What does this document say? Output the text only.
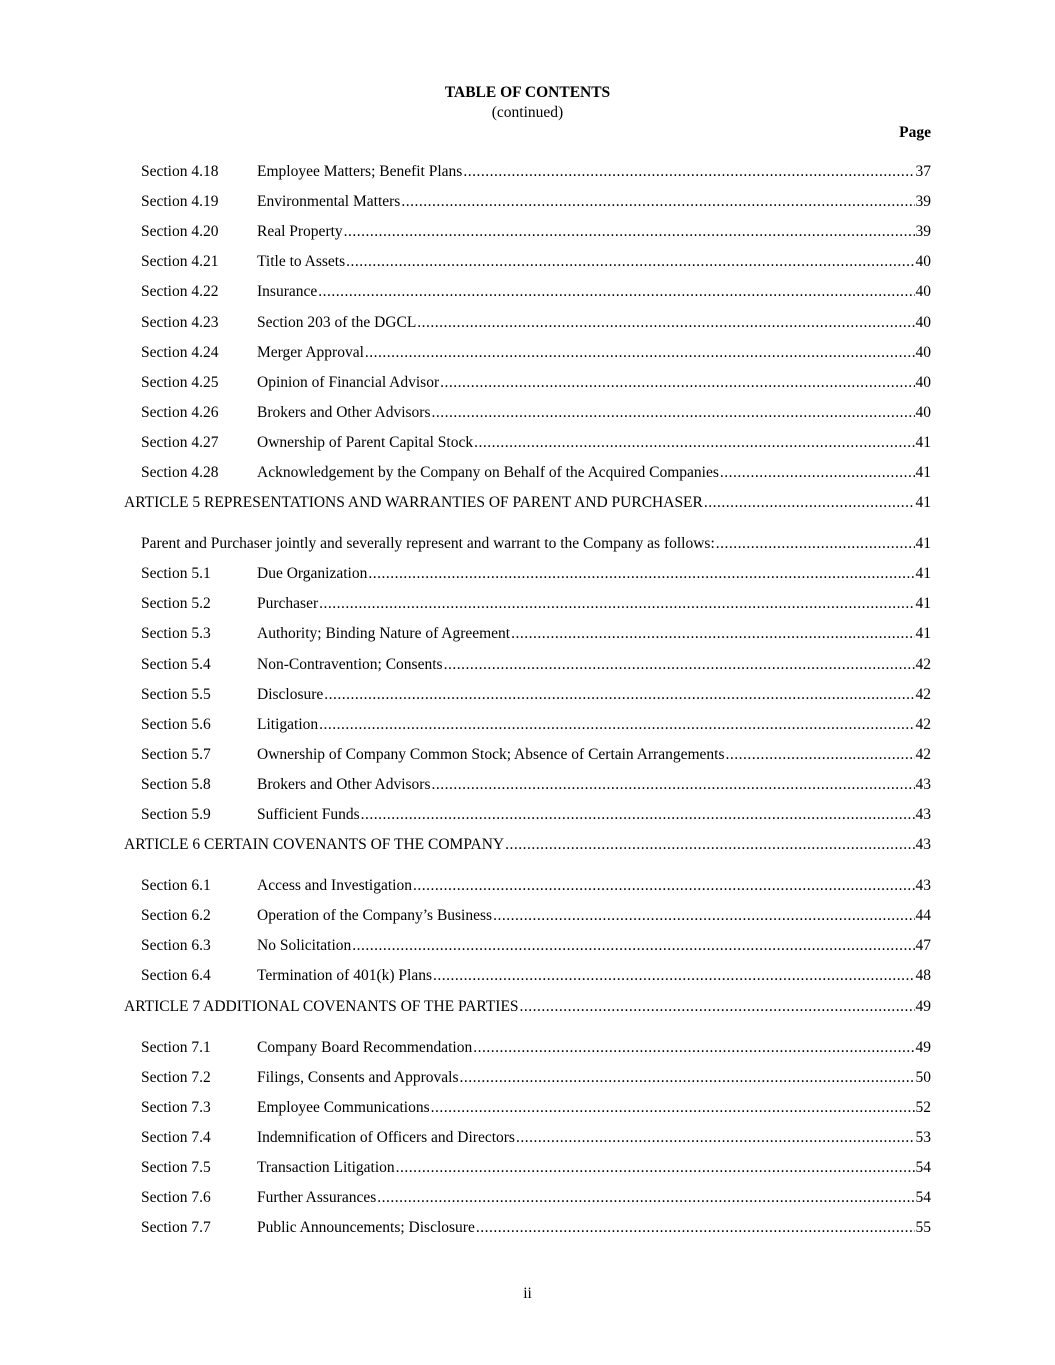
TABLE OF CONTENTS
(continued)
Page
Section 4.18	Employee Matters; Benefit Plans .....	37
Section 4.19	Environmental Matters .....	39
Section 4.20	Real Property .....	39
Section 4.21	Title to Assets .....	40
Section 4.22	Insurance .....	40
Section 4.23	Section 203 of the DGCL .....	40
Section 4.24	Merger Approval .....	40
Section 4.25	Opinion of Financial Advisor .....	40
Section 4.26	Brokers and Other Advisors .....	40
Section 4.27	Ownership of Parent Capital Stock .....	41
Section 4.28	Acknowledgement by the Company on Behalf of the Acquired Companies .....	41
ARTICLE 5 REPRESENTATIONS AND WARRANTIES OF PARENT AND PURCHASER .....	41
Parent and Purchaser jointly and severally represent and warrant to the Company as follows: .....	41
Section 5.1	Due Organization .....	41
Section 5.2	Purchaser .....	41
Section 5.3	Authority; Binding Nature of Agreement .....	41
Section 5.4	Non-Contravention; Consents .....	42
Section 5.5	Disclosure .....	42
Section 5.6	Litigation .....	42
Section 5.7	Ownership of Company Common Stock; Absence of Certain Arrangements .....	42
Section 5.8	Brokers and Other Advisors .....	43
Section 5.9	Sufficient Funds .....	43
ARTICLE 6 CERTAIN COVENANTS OF THE COMPANY .....	43
Section 6.1	Access and Investigation .....	43
Section 6.2	Operation of the Company’s Business .....	44
Section 6.3	No Solicitation .....	47
Section 6.4	Termination of 401(k) Plans .....	48
ARTICLE 7 ADDITIONAL COVENANTS OF THE PARTIES .....	49
Section 7.1	Company Board Recommendation .....	49
Section 7.2	Filings, Consents and Approvals .....	50
Section 7.3	Employee Communications .....	52
Section 7.4	Indemnification of Officers and Directors .....	53
Section 7.5	Transaction Litigation .....	54
Section 7.6	Further Assurances .....	54
Section 7.7	Public Announcements; Disclosure .....	55
ii
